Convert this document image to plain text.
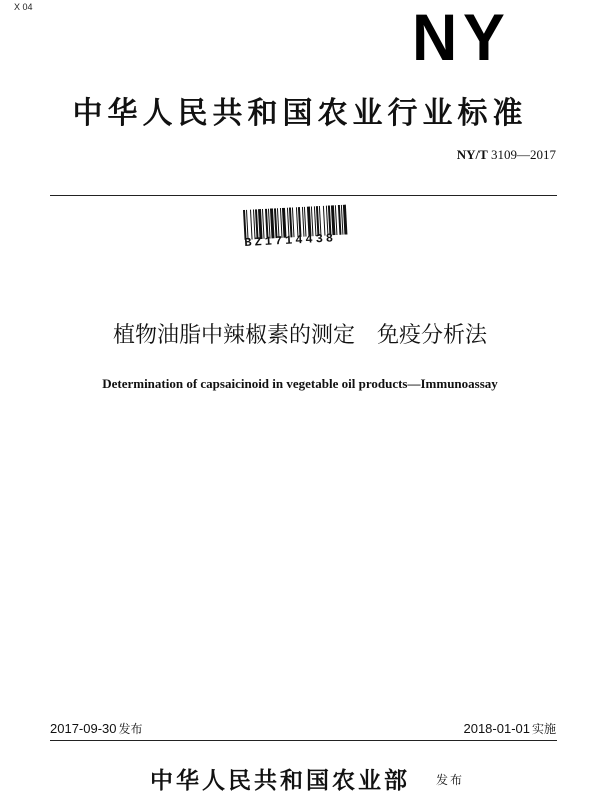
X 04	NY
中华人民共和国农业行业标准
NY/T 3109—2017
BZ1714438
植物油脂中辣椒素的测定　免疫分析法
Determination of capsaicinoid in vegetable oil products—Immunoassay
2017-09-30 发布	2018-01-01 实施
中华人民共和国农业部 发布
